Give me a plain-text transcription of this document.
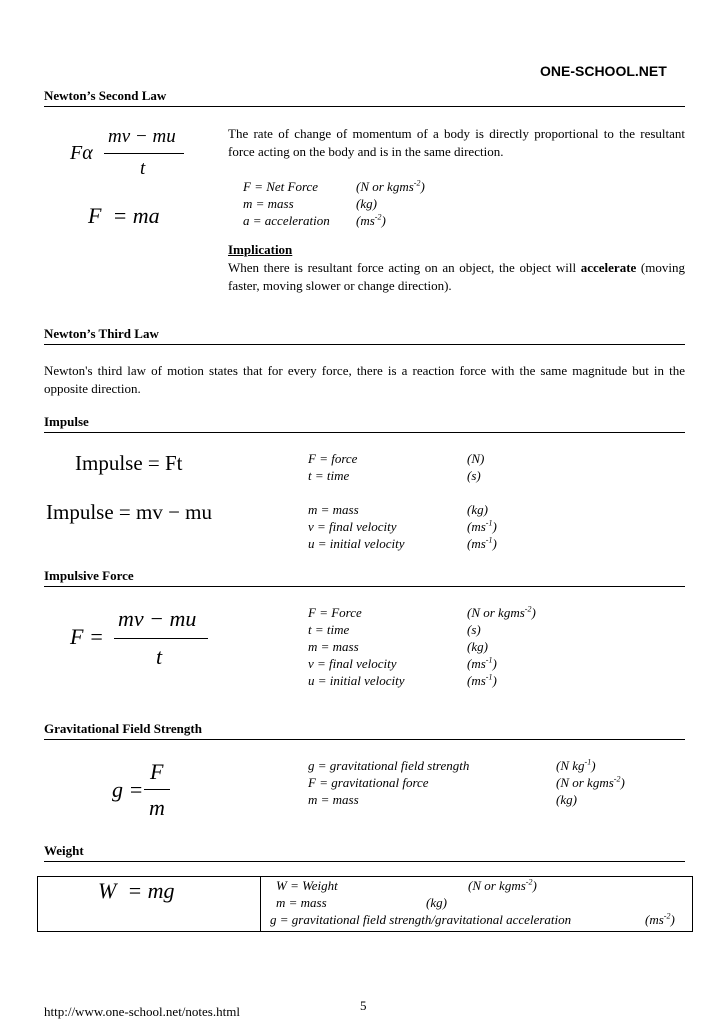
ONE-SCHOOL.NET
Newton’s Second Law
Fα
mv − mu
t
F  = ma
The rate of change of momentum of a body is directly proportional to the resultant force acting on the body and is in the same direction.
F = Net Force	(N or kgms$^{-2}$)
m = mass	(kg)
a = acceleration $(ms^{-2})$
Implication
When there is resultant force acting on an object, the object will accelerate (moving faster, moving slower or change direction).
Newton’s Third Law
Newton's third law of motion states that for every force, there is a reaction force with the same magnitude but in the opposite direction.
Impulse
Impulse = Ft
Impulse = mv − mu
F = force	(N)
t = time	(s)
m = mass	(kg)
v = final velocity	$(ms^{-1})$
u = initial velocity	$(ms^{-1})$
Impulsive Force
F =
mv − mu
t
F = Force	(N or kgms$^{-2}$)
t = time	(s)
m = mass	(kg)
v = final velocity	$(ms^{-1})$
u = initial velocity	$(ms^{-1})$
Gravitational Field Strength
g =
F
m
g = gravitational field strength	(N $kg^{-1}$)
F = gravitational force	(N or kgms$^{-2}$)
m = mass	(kg)
Weight
W  = mg	W = Weight	(N or kgms$^{-2}$)
m = mass	(kg)
g = gravitational field strength/gravitational acceleration	$(ms^{-2})$
http://www.one-school.net/notes.html	5
